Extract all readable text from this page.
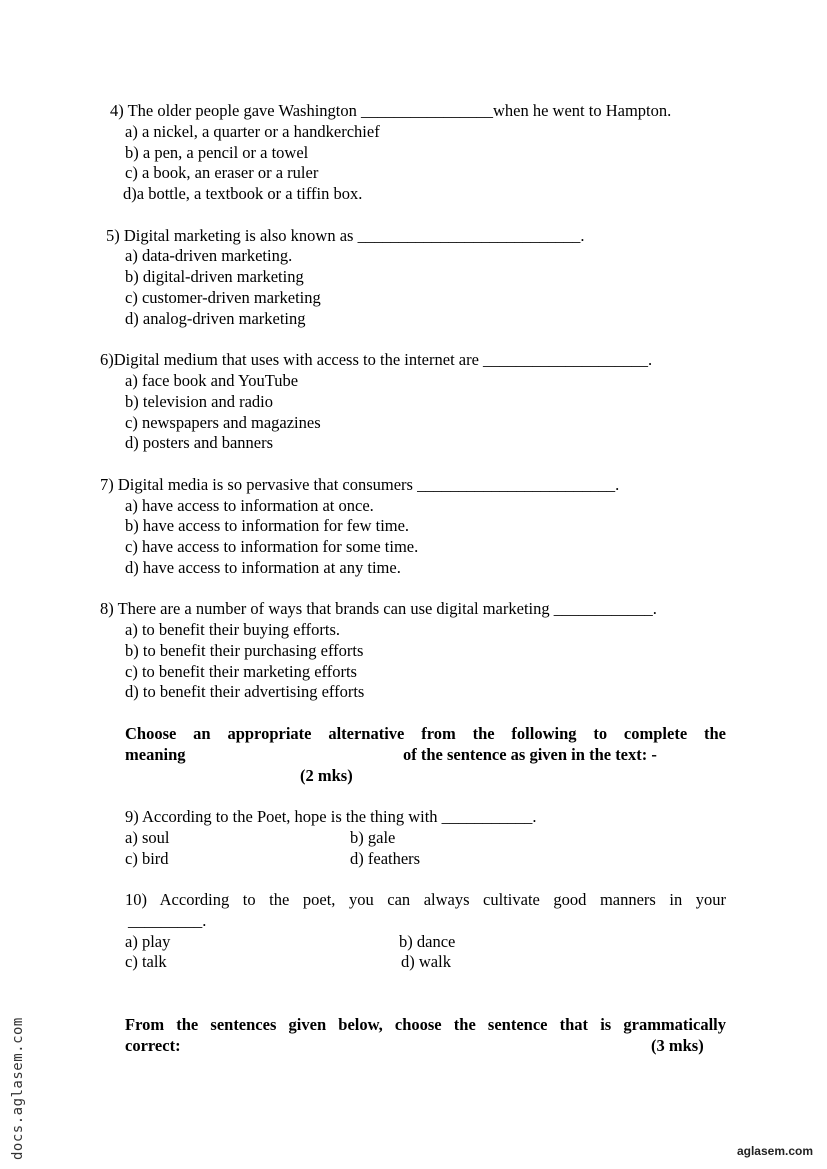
4) The older people gave Washington ________________when he went to Hampton.
a) a nickel, a quarter or a handkerchief
b) a pen, a pencil or a towel
c) a book, an eraser or a ruler
d)a bottle, a textbook or a tiffin box.
5) Digital marketing is also known as ___________________________.
a) data-driven marketing.
b) digital-driven marketing
c) customer-driven marketing
d) analog-driven marketing
6)Digital medium that uses with access to the internet are ____________________.
a) face book and YouTube
b) television and radio
c) newspapers and magazines
d) posters and banners
7) Digital media is so pervasive that consumers ________________________.
a) have access to information at once.
b) have access to information for few time.
c) have access to information for some time.
d) have access to information at any time.
8) There are a number of ways that brands can use digital marketing ____________.
a) to benefit their buying efforts.
b) to benefit their purchasing efforts
c) to benefit their marketing efforts
d) to benefit their advertising efforts
Choose an appropriate alternative from the following to complete the
meaning	of the sentence as given in the text: -
(2 mks)
9) According to the Poet, hope is the thing with ___________.
a) soul	b) gale
c) bird	d) feathers
10) According to the poet, you can always cultivate good manners in your
_________.
a) play	b) dance
c) talk	d) walk
From the sentences given below, choose the sentence that is grammatically
correct:	(3 mks)
docs.aglasem.com	aglasem.com
